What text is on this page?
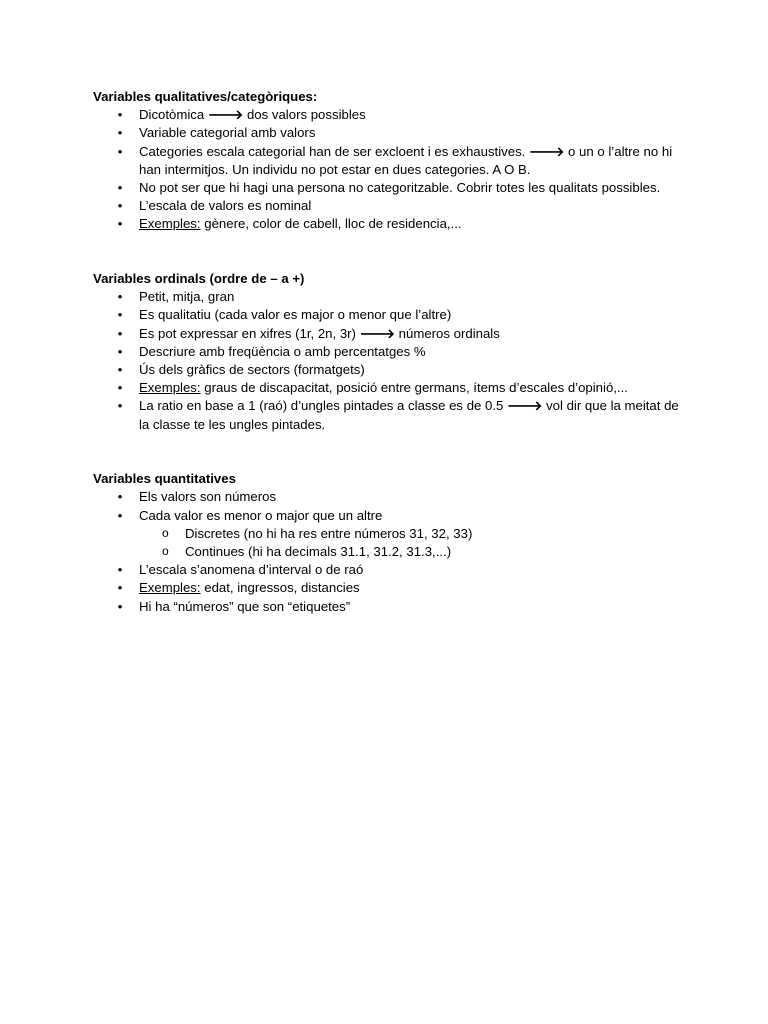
Variables qualitatives/categòriques:
• Dicotòmica 🡒 dos valors possibles
• Variable categorial amb valors
• Categories escala categorial han de ser excloent i es exhaustives. 🡒 o un o l’altre no hi han intermitjos. Un individu no pot estar en dues categories. A O B.
• No pot ser que hi hagi una persona no categoritzable. Cobrir totes les qualitats possibles.
• L’escala de valors es nominal
• Exemples: gènere, color de cabell, lloc de residencia,...
Variables ordinals (ordre de – a +)
• Petit, mitja, gran
• Es qualitatiu (cada valor es major o menor que l’altre)
• Es pot expressar en xifres (1r, 2n, 3r) 🡒 números ordinals
• Descriure amb freqüència o amb percentatges %
• Ús dels gràfics de sectors (formatgets)
• Exemples: graus de discapacitat, posició entre germans, ítems d’escales d’opinió,...
• La ratio en base a 1 (raó) d’ungles pintades a classe es de 0.5 🡒 vol dir que la meitat de la classe te les ungles pintades.
Variables quantitatives
• Els valors son números
• Cada valor es menor o major que un altre
o Discretes (no hi ha res entre números 31, 32, 33)
o Continues (hi ha decimals 31.1, 31.2, 31.3,...)
• L’escala s’anomena d’interval o de raó
• Exemples: edat, ingressos, distancies
• Hi ha “números” que son “etiquetes”
